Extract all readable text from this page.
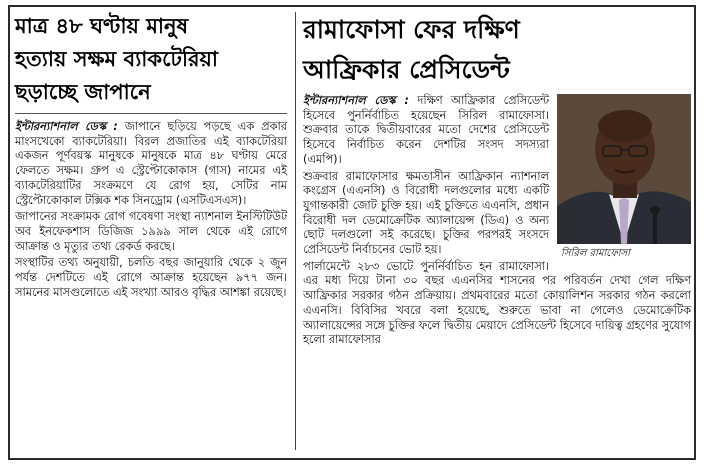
মাত্র ৪৮ ঘণ্টায় মানুষ
হত্যায় সক্ষম ব্যাকটেরিয়া
ছড়াচ্ছে জাপানে

ইন্টারন্যাশনাল ডেস্ক : জাপানে ছড়িয়ে পড়ছে এক প্রকার মাংসখেকো ব্যাকটেরিয়া। বিরল প্রজাতির এই ব্যাকটেরিয়া একজন পূর্ণবয়স্ক মানুষকে মানুষকে মাত্র ৪৮ ঘণ্টায় মেরে ফেলতে সক্ষম। গ্রুপ এ স্ট্রেপ্টোকোকাস (গাস) নামের এই ব্যাকটেরিয়াটির সংক্রমণে যে রোগ হয়, সেটির নাম স্ট্রেপ্টোকোকাল টক্সিক শক সিনড্রোম (এসটিএসএস)।

জাপানের সংক্রামক রোগ গবেষণা সংস্থা ন্যাশনাল ইনস্টিটিউট অব ইনফেকশাস ডিজিজ ১৯৯৯ সাল থেকে এই রোগে আক্রান্ত ও মৃত্যুর তথ্য রেকর্ড করছে।

সংস্থাটির তথ্য অনুযায়ী, চলতি বছর জানুয়ারি থেকে ২ জুন পর্যন্ত দেশটিতে এই রোগে আক্রান্ত হয়েছেন ৯৭৭ জন। সামনের মাসগুলোতে এই সংখ্যা আরও বৃদ্ধির আশঙ্কা রয়েছে।

রামাফোসা ফের দক্ষিণ
আফ্রিকার প্রেসিডেন্ট
সিরিল রামাফোসা

ইন্টারন্যাশনাল ডেস্ক : দক্ষিণ আফ্রিকার প্রেসিডেন্ট হিসেবে পুনর্নির্বাচিত হয়েছেন সিরিল রামাফোসা। শুক্রবার তাকে দ্বিতীয়বারের মতো দেশের প্রেসিডেন্ট হিসেবে নির্বাচিত করেন দেশটির সংসদ সদস্যরা (এমপি)।

শুক্রবার রামাফোসার ক্ষমতাসীন আফ্রিকান ন্যাশনাল কংগ্রেস (এএনসি) ও বিরোধী দলগুলোর মধ্যে একটি যুগান্তকারী জোট চুক্তি হয়। এই চুক্তিতে এএনসি, প্রধান বিরোধী দল ডেমোক্রেটিক অ্যালায়েন্স (ডিএ) ও অন্য ছোট দলগুলো সই করেছে। চুক্তির পরপরই সংসদে প্রেসিডেন্ট নির্বাচনের ভোট হয়।

পার্লামেন্টে ২৮৩ ভোটে পুনর্নির্বাচিত হন রামাফোসা। এর মধ্য দিয়ে টানা ৩০ বছর এএনসির শাসনের পর পরিবর্তন দেখা গেল দক্ষিণ আফ্রিকার সরকার গঠন প্রক্রিয়ায়। প্রথমবারের মতো কোয়ালিশন সরকার গঠন করলো এএনসি। বিবিসির খবরে বলা হয়েছে, শুরুতে ভাবা না গেলেও ডেমোক্রেটিক অ্যালায়েন্সের সঙ্গে চুক্তির ফলে দ্বিতীয় মেয়াদে প্রেসিডেন্ট হিসেবে দায়িত্ব গ্রহণের সুযোগ হলো রামাফোসার
